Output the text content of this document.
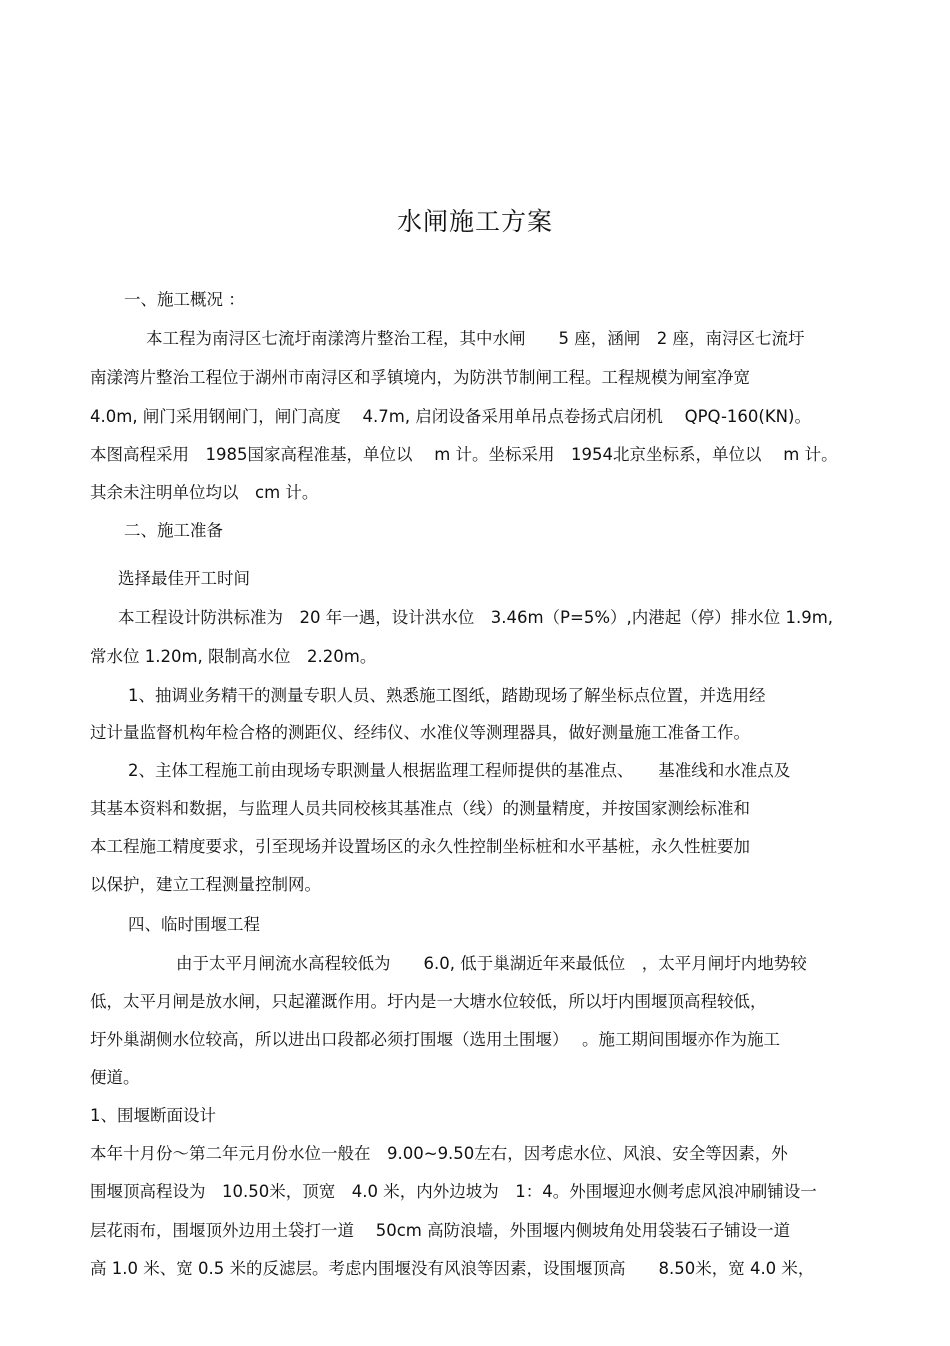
水闸施工方案
一、施工概况 ：
本工程为南浔区七流圩南漾湾片整治工程，其中水闸　　5 座，涵闸　2 座，南浔区七流圩
南漾湾片整治工程位于湖州市南浔区和孚镇境内，为防洪节制闸工程。工程规模为闸室净宽
4.0m, 闸门采用钢闸门，闸门高度　 4.7m, 启闭设备采用单吊点卷扬式启闭机　 QPQ-160(KN)。
本图高程采用　1985国家高程准基，单位以　 m 计。坐标采用　1954北京坐标系，单位以　 m 计。
其余未注明单位均以　cm 计。
二、施工准备
选择最佳开工时间
本工程设计防洪标准为　20 年一遇，设计洪水位　3.46m（P=5%）,内港起（停）排水位 1.9m,
常水位 1.20m, 限制高水位　2.20m。
1、抽调业务精干的测量专职人员、熟悉施工图纸，踏勘现场了解坐标点位置，并选用经
过计量监督机构年检合格的测距仪、经纬仪、水准仪等测理器具，做好测量施工准备工作。
2、主体工程施工前由现场专职测量人根据监理工程师提供的基准点、　　基准线和水准点及
其基本资料和数据，与监理人员共同校核其基准点（线）的测量精度，并按国家测绘标准和
本工程施工精度要求，引至现场并设置场区的永久性控制坐标桩和水平基桩，永久性桩要加
以保护，建立工程测量控制网。
四、临时围堰工程
由于太平月闸流水高程较低为　　6.0, 低于巢湖近年来最低位　，太平月闸圩内地势较
低，太平月闸是放水闸，只起灌溉作用。圩内是一大塘水位较低，所以圩内围堰顶高程较低，
圩外巢湖侧水位较高，所以进出口段都必须打围堰（选用土围堰）　 。施工期间围堰亦作为施工
便道。
1、围堰断面设计
本年十月份～第二年元月份水位一般在　9.00~9.50左右，因考虑水位、风浪、安全等因素，外
围堰顶高程设为　10.50米，顶宽　4.0 米，内外边坡为　1：4。外围堰迎水侧考虑风浪冲刷铺设一
层花雨布，围堰顶外边用土袋打一道　 50cm 高防浪墙，外围堰内侧坡角处用袋装石子铺设一道
高 1.0 米、宽 0.5 米的反滤层。考虑内围堰没有风浪等因素，设围堰顶高　　8.50米，宽 4.0 米，
